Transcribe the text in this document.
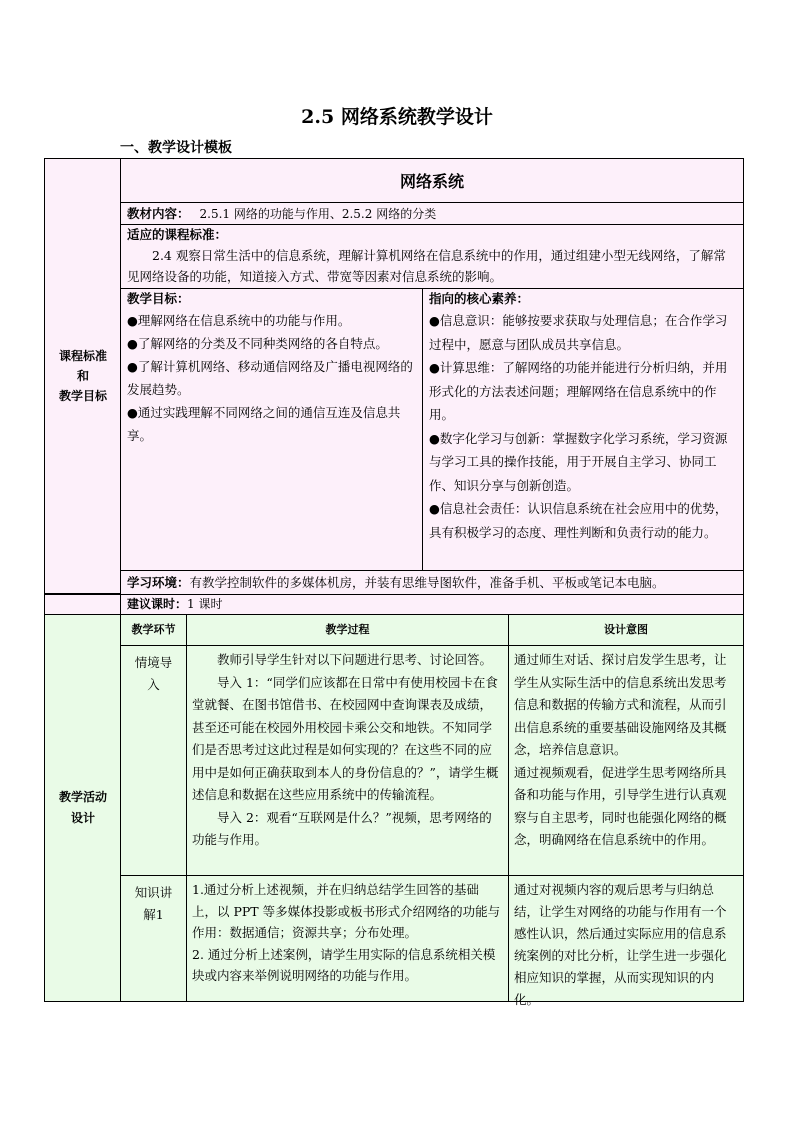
2.5 网络系统教学设计
一、教学设计模板
课程标准
和
教学目标
网络系统
教材内容： 2.5.1 网络的功能与作用、2.5.2 网络的分类
适应的课程标准：
2.4 观察日常生活中的信息系统，理解计算机网络在信息系统中的作用，通过组建小型无线网络，了解常见网络设备的功能，知道接入方式、带宽等因素对信息系统的影响。
教学目标：
●理解网络在信息系统中的功能与作用。
●了解网络的分类及不同种类网络的各自特点。
●了解计算机网络、移动通信网络及广播电视网络的发展趋势。
●通过实践理解不同网络之间的通信互连及信息共享。
指向的核心素养：
●信息意识：能够按要求获取与处理信息；在合作学习过程中，愿意与团队成员共享信息。
●计算思维：了解网络的功能并能进行分析归纳，并用形式化的方法表述问题；理解网络在信息系统中的作用。
●数字化学习与创新：掌握数字化学习系统，学习资源与学习工具的操作技能，用于开展自主学习、协同工作、知识分享与创新创造。
●信息社会责任：认识信息系统在社会应用中的优势，具有积极学习的态度、理性判断和负责行动的能力。
学习环境：有教学控制软件的多媒体机房，并装有思维导图软件，准备手机、平板或笔记本电脑。
建议课时：1 课时
教学活动
设计
教学环节	教学过程	设计意图
情境导入
教师引导学生针对以下问题进行思考、讨论回答。
导入 1：“同学们应该都在日常中有使用校园卡在食堂就餐、在图书馆借书、在校园网中查询课表及成绩，甚至还可能在校园外用校园卡乘公交和地铁。不知同学们是否思考过这此过程是如何实现的？在这些不同的应用中是如何正确获取到本人的身份信息的？”，请学生概述信息和数据在这些应用系统中的传输流程。
导入 2：观看“互联网是什么？”视频，思考网络的功能与作用。
通过师生对话、探讨启发学生思考，让学生从实际生活中的信息系统出发思考信息和数据的传输方式和流程，从而引出信息系统的重要基础设施网络及其概念，培养信息意识。
通过视频观看，促进学生思考网络所具备和功能与作用，引导学生进行认真观察与自主思考，同时也能强化网络的概念，明确网络在信息系统中的作用。
知识讲解1
1.通过分析上述视频，并在归纳总结学生回答的基础上，以 PPT 等多媒体投影或板书形式介绍网络的功能与作用：数据通信；资源共享；分布处理。
2. 通过分析上述案例，请学生用实际的信息系统相关模块或内容来举例说明网络的功能与作用。
通过对视频内容的观后思考与归纳总结，让学生对网络的功能与作用有一个感性认识，然后通过实际应用的信息系统案例的对比分析，让学生进一步强化相应知识的掌握，从而实现知识的内化。
